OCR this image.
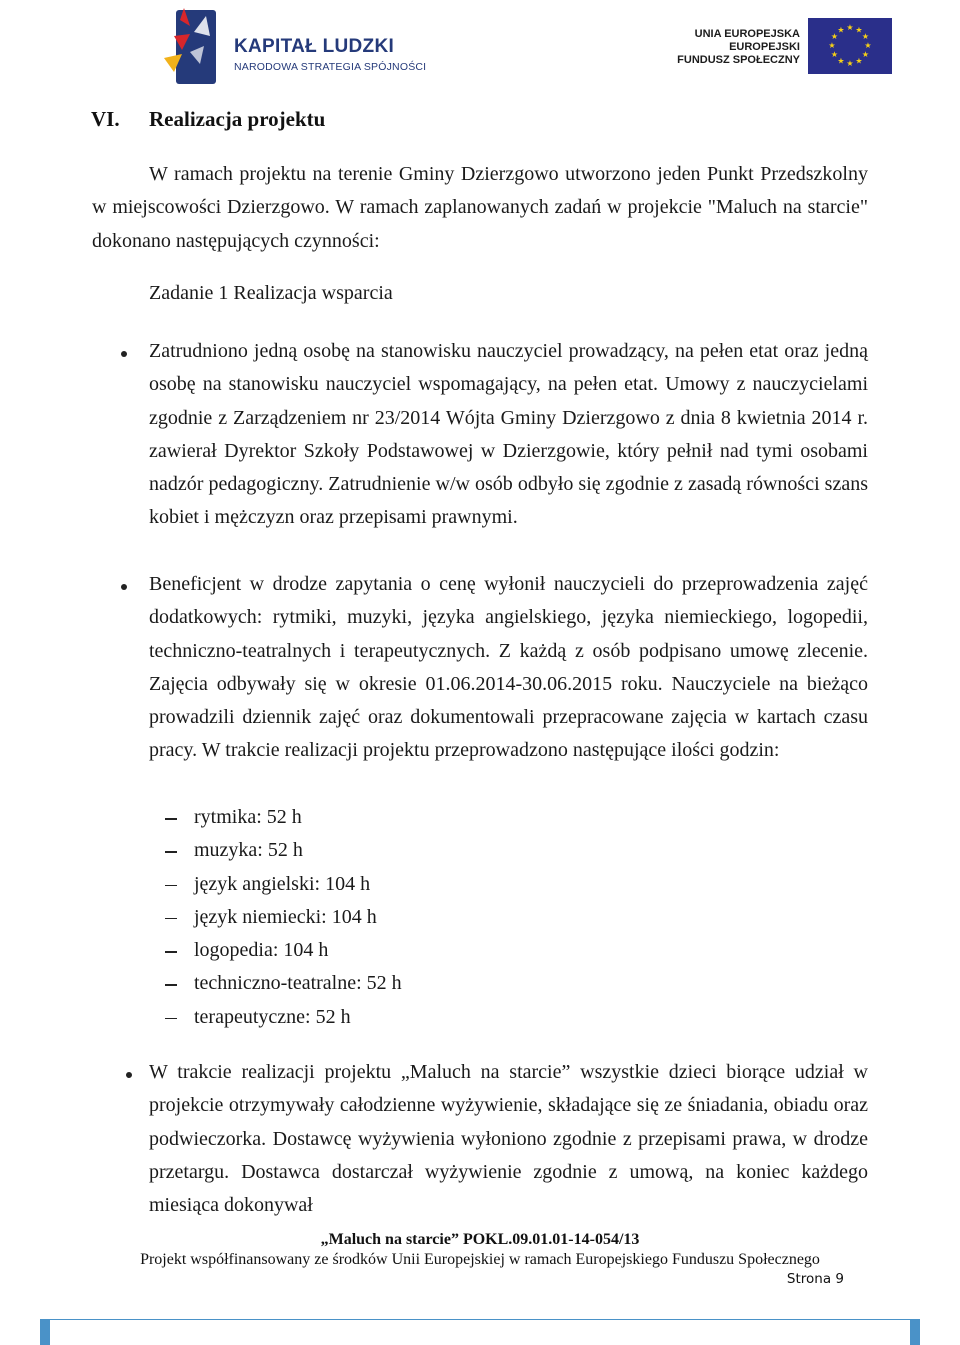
KAPITAŁ LUDZKI
NARODOWA STRATEGIA SPÓJNOŚCI
UNIA EUROPEJSKA
EUROPEJSKI
FUNDUSZ SPOŁECZNY
★ ★
★
★
★
★
★
★
★
★
★
★
VI. Realizacja projektu

W ramach projektu na terenie Gminy Dzierzgowo utworzono jeden Punkt Przedszkolny w miejscowości Dzierzgowo. W ramach zaplanowanych zadań w projekcie "Maluch na starcie" dokonano następujących czynności:

Zadanie 1 Realizacja wsparcia
Zatrudniono jedną osobę na stanowisku nauczyciel prowadzący, na pełen etat oraz jedną osobę na stanowisku nauczyciel wspomagający, na pełen etat. Umowy z nauczycielami zgodnie z Zarządzeniem nr 23/2014 Wójta Gminy Dzierzgowo z dnia 8 kwietnia 2014 r. zawierał Dyrektor Szkoły Podstawowej w Dzierzgowie, który pełnił nad tymi osobami nadzór pedagogiczny. Zatrudnienie w/w osób odbyło się zgodnie z zasadą równości szans kobiet i mężczyzn oraz przepisami prawnymi.
Beneficjent w drodze zapytania o cenę wyłonił nauczycieli do przeprowadzenia zajęć dodatkowych: rytmiki, muzyki, języka angielskiego, języka niemieckiego, logopedii, techniczno-teatralnych i terapeutycznych. Z każdą z osób podpisano umowę zlecenie. Zajęcia odbywały się w okresie 01.06.2014-30.06.2015 roku. Nauczyciele na bieżąco prowadzili dziennik zajęć oraz dokumentowali przepracowane zajęcia w kartach czasu pracy. W trakcie realizacji projektu przeprowadzono następujące ilości godzin:
rytmika: 52 h
muzyka: 52 h
język angielski: 104 h
język niemiecki: 104 h
logopedia: 104 h
techniczno-teatralne: 52 h
terapeutyczne: 52 h
W trakcie realizacji projektu „Maluch na starcie” wszystkie dzieci biorące udział w projekcie otrzymywały całodzienne wyżywienie, składające się ze śniadania, obiadu oraz podwieczorka. Dostawcę wyżywienia wyłoniono zgodnie z przepisami prawa, w drodze przetargu. Dostawca dostarczał wyżywienie zgodnie z umową, na koniec każdego miesiąca dokonywał
„Maluch na starcie” POKL.09.01.01-14-054/13
Projekt współfinansowany ze środków Unii Europejskiej w ramach Europejskiego Funduszu Społecznego
Strona 9
